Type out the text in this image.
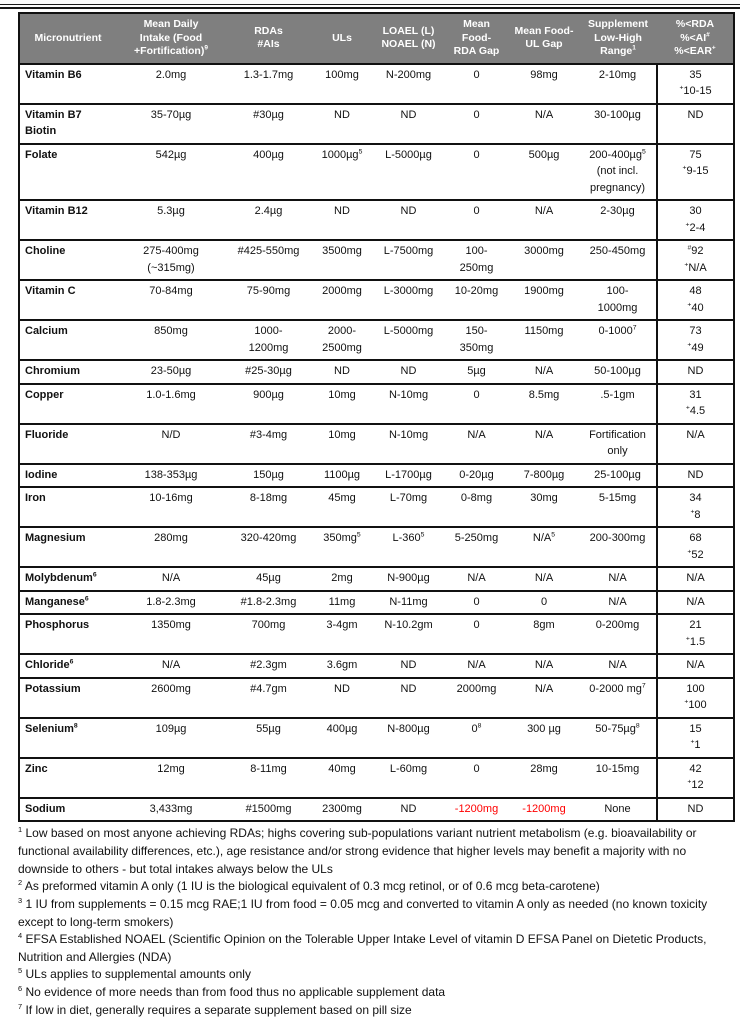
Micronutrient	Mean Daily
Intake (Food
+Fortification)$^9$	RDAs
#AIs	ULs	LOAEL (L)
NOAEL (N)	Mean
Food-
RDA Gap	Mean Food-
UL Gap	Supplement
Low-High
Range$^1$	%<RDA
%<AI#
%<EAR+
Vitamin B6	2.0mg	1.3-1.7mg	100mg	N-200mg	0	98mg	2-10mg	35
+10-15
Vitamin B7
Biotin	35-70µg	#30µg	ND	ND	0	N/A	30-100µg	ND
Folate	542µg	400µg	1000µg$^5$	L-5000µg	0	500µg	200-400µg$^5$
(not incl.
pregnancy)	75
+9-15
Vitamin B12	5.3µg	2.4µg	ND	ND	0	N/A	2-30µg	30
+2-4
Choline	275-400mg
(~315mg)	#425-550mg	3500mg	L-7500mg	100-
250mg	3000mg	250-450mg	#92
+N/A
Vitamin C	70-84mg	75-90mg	2000mg	L-3000mg	10-20mg	1900mg	100-
1000mg	48
+40
Calcium	850mg	1000-
1200mg	2000-
2500mg	L-5000mg	150-
350mg	1150mg	0-1000$^7$	73
+49
Chromium	23-50µg	#25-30µg	ND	ND	5µg	N/A	50-100µg	ND
Copper	1.0-1.6mg	900µg	10mg	N-10mg	0	8.5mg	.5-1gm	31
+4.5
Fluoride	N/D	#3-4mg	10mg	N-10mg	N/A	N/A	Fortification
only	N/A
Iodine	138-353µg	150µg	1100µg	L-1700µg	0-20µg	7-800µg	25-100µg	ND
Iron	10-16mg	8-18mg	45mg	L-70mg	0-8mg	30mg	5-15mg	34
+8
Magnesium	280mg	320-420mg	$350mg^5$	$L-360^5$	5-250mg	$N/A^5$	200-300mg	68
+52
Molybdenum$^6$	N/A	45µg	2mg	N-900µg	N/A	N/A	N/A	N/A
Manganese$^6$	1.8-2.3mg	#1.8-2.3mg	11mg	N-11mg	0	0	N/A	N/A
Phosphorus	1350mg	700mg	3-4gm	N-10.2gm	0	8gm	0-200mg	21
+1.5
Chloride$^6$	N/A	#2.3gm	3.6gm	ND	N/A	N/A	N/A	N/A
Potassium	2600mg	#4.7gm	ND	ND	2000mg	N/A	0-2000 $mg^7$	100
+100
Selenium$^8$	109µg	55µg	400µg	N-800µg	$0^8$	300 µg	50-75µg$^8$	15
+1
Zinc	12mg	8-11mg	40mg	L-60mg	0	28mg	10-15mg	42
+12
Sodium	3,433mg	#1500mg	2300mg	ND	-1200mg	-1200mg	None	ND
$^1$ Low based on most anyone achieving RDAs; highs covering sub-populations variant nutrient metabolism (e.g. bioavailability or functional availability differences, etc.), age resistance and/or strong evidence that higher levels may benefit a majority with no downside to others - but total intakes always below the ULs
$^2$ As preformed vitamin A only (1 IU is the biological equivalent of 0.3 mcg retinol, or of 0.6 mcg beta-carotene)
$^3$ 1 IU from supplements = 0.15 mcg RAE;1 IU from food = 0.05 mcg and converted to vitamin A only as needed (no known toxicity except to long-term smokers)
$^4$ EFSA Established NOAEL (Scientific Opinion on the Tolerable Upper Intake Level of vitamin D EFSA Panel on Dietetic Products, Nutrition and Allergies (NDA)
$^5$ ULs applies to supplemental amounts only
$^6$ No evidence of more needs than from food thus no applicable supplement data
$^7$ If low in diet, generally requires a separate supplement based on pill size
